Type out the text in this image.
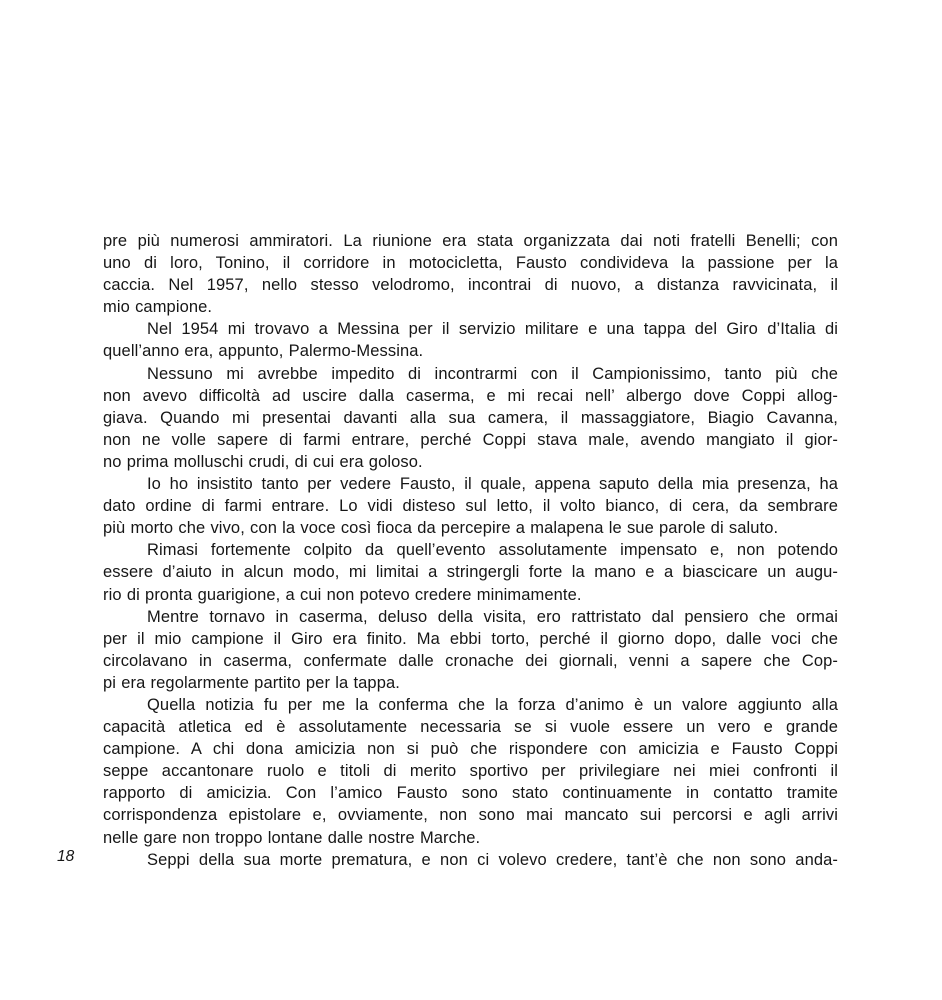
18
pre più numerosi ammiratori. La riunione era stata organizzata dai noti fratelli Benelli; con
uno di loro, Tonino, il corridore in motocicletta, Fausto condivideva la passione per la
caccia. Nel 1957, nello stesso velodromo, incontrai di nuovo, a distanza ravvicinata, il
mio campione.
Nel 1954 mi trovavo a Messina per il servizio militare e una tappa del Giro d’Italia di
quell’anno era, appunto, Palermo-Messina.
Nessuno mi avrebbe impedito di incontrarmi con il Campionissimo, tanto più che
non avevo difficoltà ad uscire dalla caserma, e mi recai nell’ albergo dove Coppi allog-
giava. Quando mi presentai davanti alla sua camera, il massaggiatore, Biagio Cavanna,
non ne volle sapere di farmi entrare, perché Coppi stava male, avendo mangiato il gior-
no prima molluschi crudi, di cui era goloso.
Io ho insistito tanto per vedere Fausto, il quale, appena saputo della mia presenza, ha
dato ordine di farmi entrare. Lo vidi disteso sul letto, il volto bianco, di cera, da sembrare
più morto che vivo, con la voce così fioca da percepire a malapena le sue parole di saluto.
Rimasi fortemente colpito da quell’evento assolutamente impensato e, non potendo
essere d’aiuto in alcun modo, mi limitai a stringergli forte la mano e a biascicare un augu-
rio di pronta guarigione, a cui non potevo credere minimamente.
Mentre tornavo in caserma, deluso della visita, ero rattristato dal pensiero che ormai
per il mio campione il Giro era finito. Ma ebbi torto, perché il giorno dopo, dalle voci che
circolavano in caserma, confermate dalle cronache dei giornali, venni a sapere che Cop-
pi era regolarmente partito per la tappa.
Quella notizia fu per me la conferma che la forza d’animo è un valore aggiunto alla
capacità atletica ed è assolutamente necessaria se si vuole essere un vero e grande
campione. A chi dona amicizia non si può che rispondere con amicizia e Fausto Coppi
seppe accantonare ruolo e titoli di merito sportivo per privilegiare nei miei confronti il
rapporto di amicizia. Con l’amico Fausto sono stato continuamente in contatto tramite
corrispondenza epistolare e, ovviamente, non sono mai mancato sui percorsi e agli arrivi
nelle gare non troppo lontane dalle nostre Marche.
Seppi della sua morte prematura, e non ci volevo credere, tant’è che non sono anda-
